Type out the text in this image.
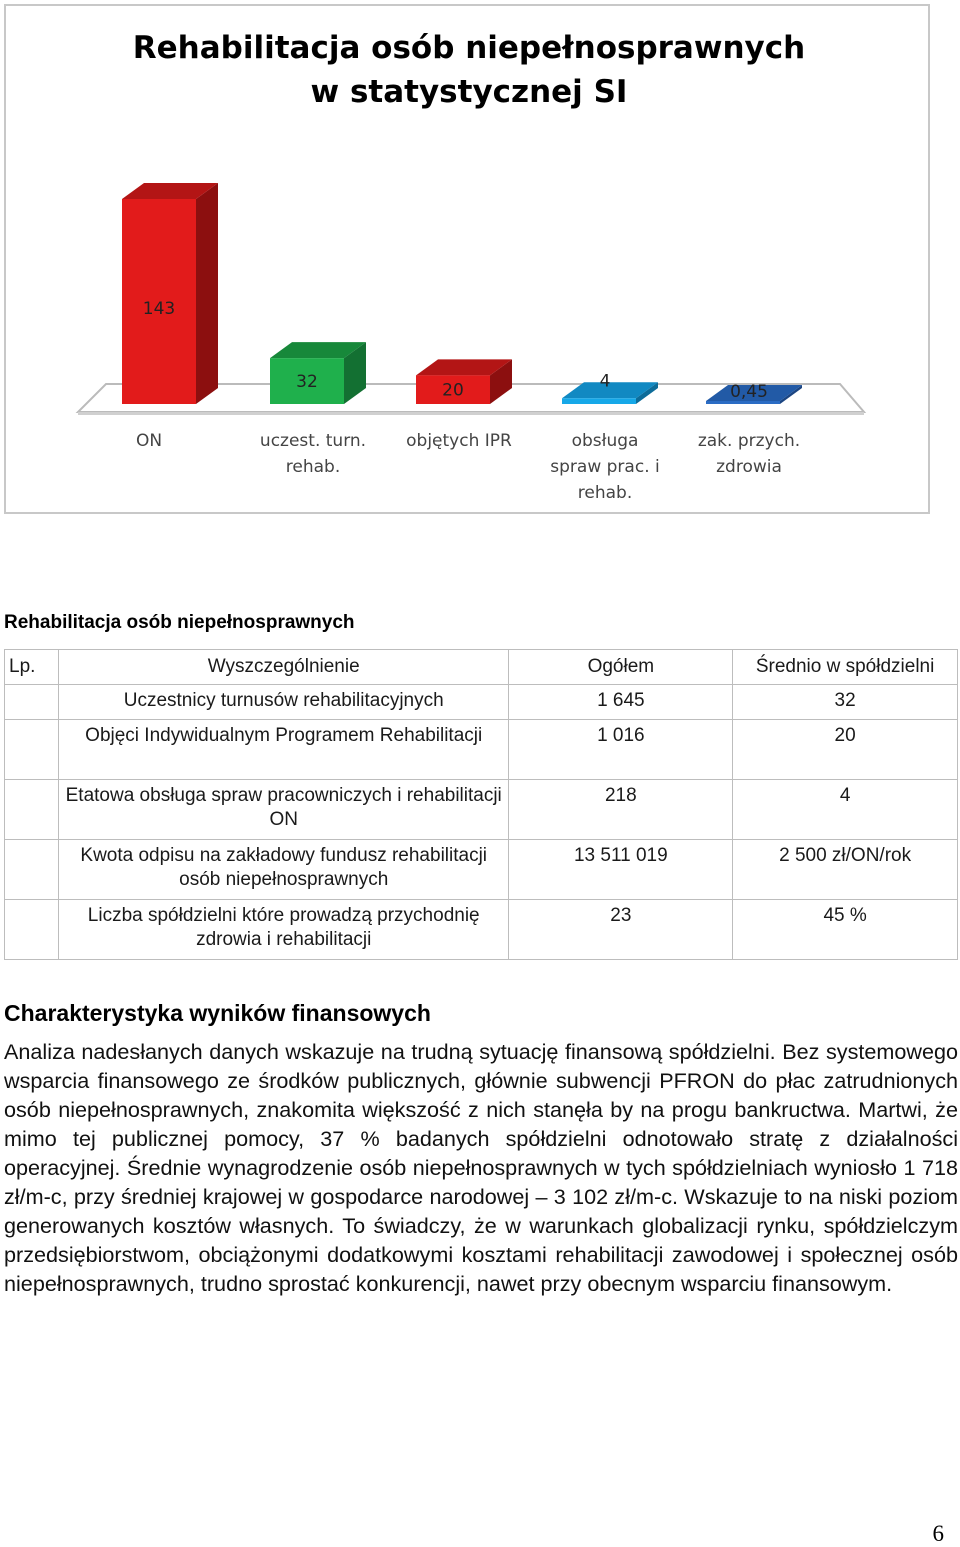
Rehabilitacja osób niepełnosprawnych
w statystycznej SI
143
32	20	4
0,45
ON	uczest. turn.
rehab.
objętych IPR	obsługa
spraw prac. i
rehab.
zak. przych.
zdrowia
Rehabilitacja osób niepełnosprawnych
Lp.	Wyszczególnienie	Ogółem	Średnio w spółdzielni
	Uczestnicy turnusów rehabilitacyjnych	1 645	32
	Objęci Indywidualnym Programem Rehabilitacji	1 016	20
	Etatowa obsługa spraw pracowniczych i rehabilitacji ON	218	4
	Kwota odpisu na zakładowy fundusz rehabilitacji osób niepełnosprawnych	13 511 019	2 500 zł/ON/rok
	Liczba spółdzielni które prowadzą przychodnię zdrowia i rehabilitacji	23	45 %
Charakterystyka wyników finansowych

Analiza nadesłanych danych wskazuje na trudną sytuację finansową spółdzielni. Bez systemowego wsparcia finansowego ze środków publicznych, głównie subwencji PFRON do płac zatrudnionych osób niepełnosprawnych, znakomita większość z nich stanęła by na progu bankructwa. Martwi, że mimo tej publicznej pomocy, 37 % badanych spółdzielni odnotowało stratę z działalności operacyjnej. Średnie wynagrodzenie osób niepełnosprawnych w tych spółdzielniach wyniosło 1 718 zł/m-c, przy średniej krajowej w gospodarce narodowej – 3 102 zł/m-c. Wskazuje to na niski poziom generowanych kosztów własnych. To świadczy, że w warunkach globalizacji rynku, spółdzielczym przedsiębiorstwom, obciążonymi dodatkowymi kosztami rehabilitacji zawodowej i społecznej osób niepełnosprawnych, trudno sprostać konkurencji, nawet przy obecnym wsparciu finansowym.

6
